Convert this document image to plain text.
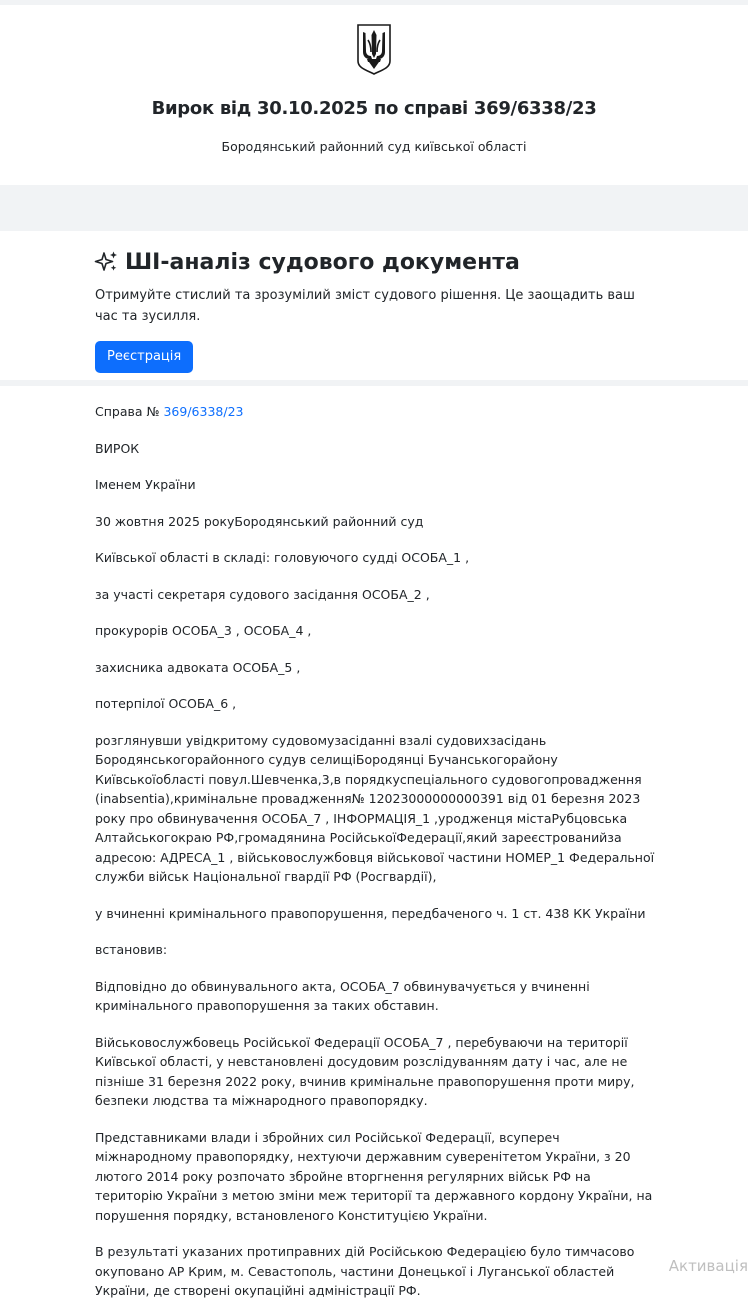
Вирок від 30.10.2025 по справі 369/6338/23
Бородянський районний суд київської області
ШІ-аналіз судового документа
Отримуйте стислий та зрозумілий зміст судового рішення. Це заощадить ваш час та зусилля.
Реєстрація

Справа № 369/6338/23

ВИРОК

Іменем України

30 жовтня 2025 рокуБородянський районний суд

Київської області в складі: головуючого судді ОСОБА_1 ,

за участі секретаря судового засідання ОСОБА_2 ,

прокурорів ОСОБА_3 , ОСОБА_4 ,

захисника адвоката ОСОБА_5 ,

потерпілої ОСОБА_6 ,

розглянувши увідкритому судовомузасіданні взалі судовихзасідань Бородянськогорайонного судув селищіБородянці Бучанськогорайону Київськоїобласті повул.Шевченка,3,в порядкуспеціального судовогопровадження (inabsentia),кримінальне провадження№ 12023000000000391 від 01 березня 2023 року про обвинувачення ОСОБА_7 , ІНФОРМАЦІЯ_1 ,уродженця містаРубцовська Алтайськогокраю РФ,громадянина РосійськоїФедерації,який зареєстрованийза адресою: АДРЕСА_1 , військовослужбовця військової частини НОМЕР_1 Федеральної служби військ Національної гвардії РФ (Росгвардії),

у вчиненні кримінального правопорушення, передбаченого ч. 1 ст. 438 КК України

встановив:

Відповідно до обвинувального акта, ОСОБА_7 обвинувачується у вчиненні кримінального правопорушення за таких обставин.

Військовослужбовець Російської Федерації ОСОБА_7 , перебуваючи на території Київської області, у невстановлені досудовим розслідуванням дату і час, але не пізніше 31 березня 2022 року, вчинив кримінальне правопорушення проти миру, безпеки людства та міжнародного правопорядку.

Представниками влади і збройних сил Російської Федерації, всупереч міжнародному правопорядку, нехтуючи державним суверенітетом України, з 20 лютого 2014 року розпочато збройне вторгнення регулярних військ РФ на територію України з метою зміни меж території та державного кордону України, на порушення порядку, встановленого Конституцією України.

В результаті указаних протиправних дій Російською Федерацією було тимчасово окуповано АР Крим, м. Севастополь, частини Донецької і Луганської областей України, де створені окупаційні адміністрації РФ.

Активація
